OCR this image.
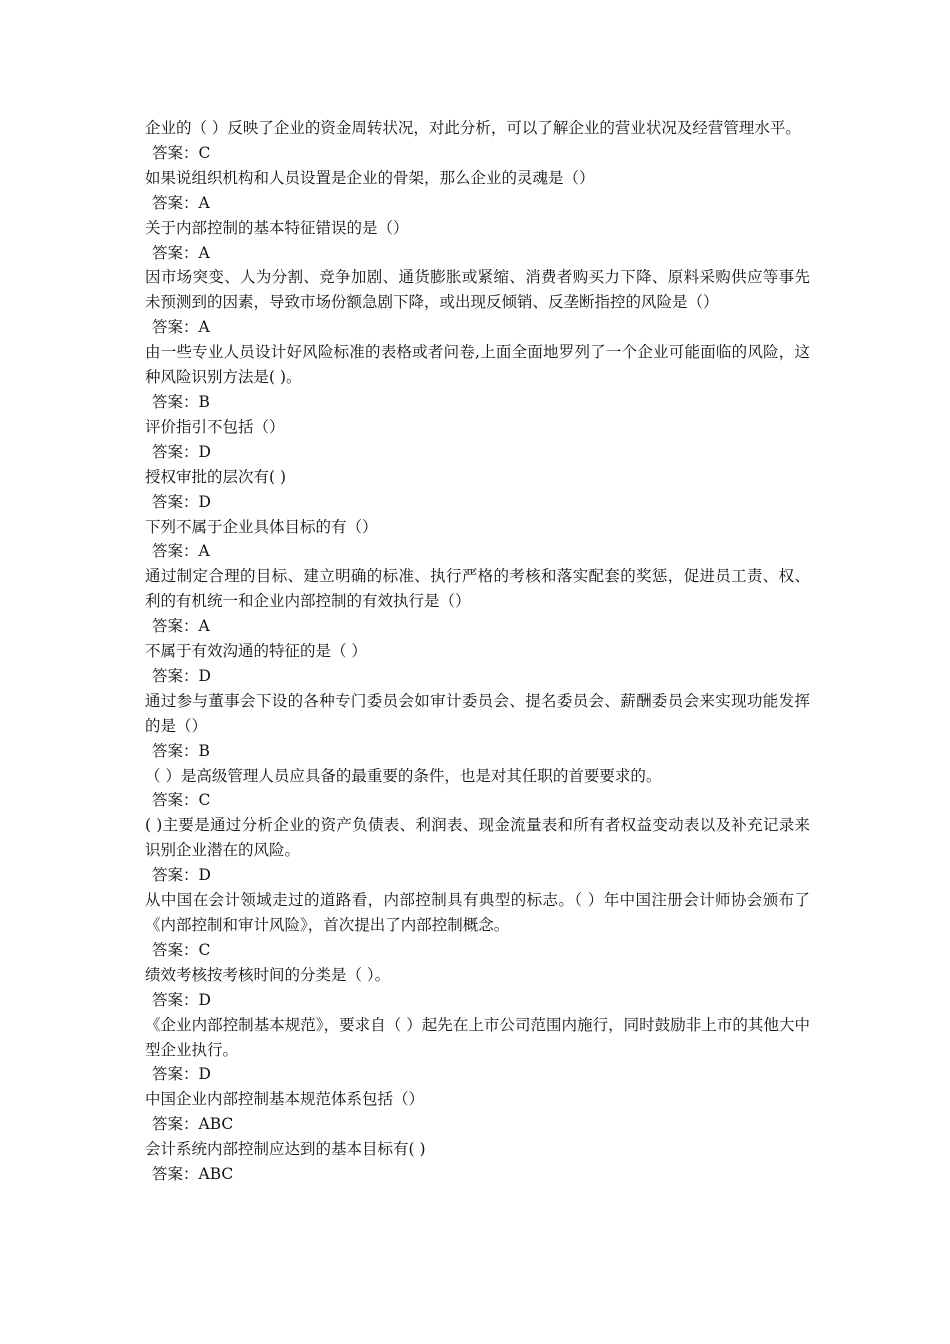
企业的（ ）反映了企业的资金周转状况，对此分析，可以了解企业的营业状况及经营管理水平。
答案：C
如果说组织机构和人员设置是企业的骨架，那么企业的灵魂是（）
答案：A
关于内部控制的基本特征错误的是（）
答案：A
因市场突变、人为分割、竞争加剧、通货膨胀或紧缩、消费者购买力下降、原料采购供应等事先未预测到的因素，导致市场份额急剧下降，或出现反倾销、反垄断指控的风险是（）
答案：A
由一些专业人员设计好风险标准的表格或者问卷,上面全面地罗列了一个企业可能面临的风险，这种风险识别方法是( )。
答案：B
评价指引不包括（）
答案：D
授权审批的层次有( )
答案：D
下列不属于企业具体目标的有（）
答案：A
通过制定合理的目标、建立明确的标准、执行严格的考核和落实配套的奖惩，促进员工责、权、利的有机统一和企业内部控制的有效执行是（）
答案：A
不属于有效沟通的特征的是（ ）
答案：D
通过参与董事会下设的各种专门委员会如审计委员会、提名委员会、薪酬委员会来实现功能发挥的是（）
答案：B
（ ）是高级管理人员应具备的最重要的条件，也是对其任职的首要要求的。
答案：C
( )主要是通过分析企业的资产负债表、利润表、现金流量表和所有者权益变动表以及补充记录来识别企业潜在的风险。
答案：D
从中国在会计领域走过的道路看，内部控制具有典型的标志。（ ）年中国注册会计师协会颁布了《内部控制和审计风险》，首次提出了内部控制概念。
答案：C
绩效考核按考核时间的分类是（ ）。
答案：D
《企业内部控制基本规范》，要求自（ ）起先在上市公司范围内施行，同时鼓励非上市的其他大中型企业执行。
答案：D
中国企业内部控制基本规范体系包括（）
答案：ABC
会计系统内部控制应达到的基本目标有( )
答案：ABC
